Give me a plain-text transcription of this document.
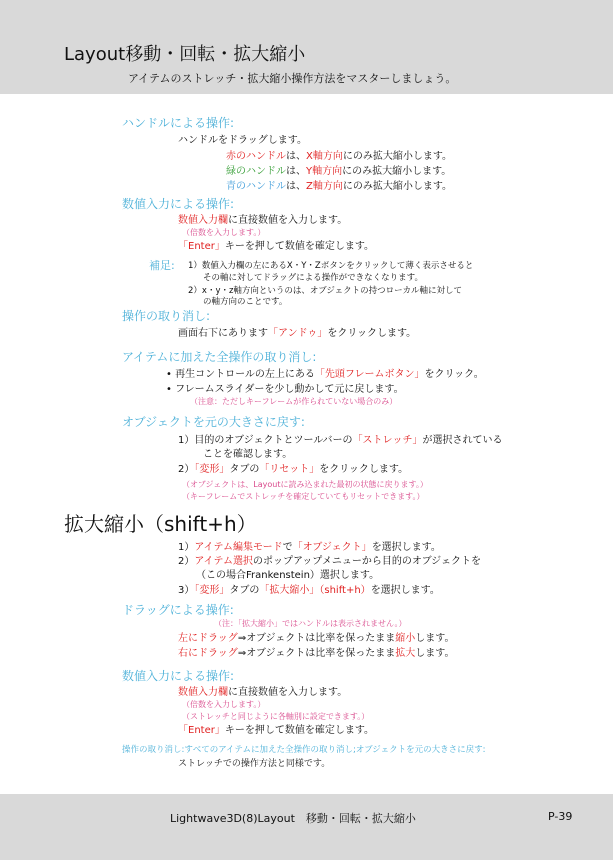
Layout移動・回転・拡大縮小
アイテムのストレッチ・拡大縮小操作方法をマスターしましょう。
ハンドルによる操作:
ハンドルをドラッグします。
赤のハンドルは、X軸方向にのみ拡大縮小します。
緑のハンドルは、Y軸方向にのみ拡大縮小します。
青のハンドルは、Z軸方向にのみ拡大縮小します。
数値入力による操作:
数値入力欄に直接数値を入力します。
（倍数を入力します。）
「Enter」キーを押して数値を確定します。
補足: 1）数値入力欄の左にあるX・Y・Zボタンをクリックして薄く表示させると
その軸に対してドラッグによる操作ができなくなります。
2）x・y・z軸方向というのは、オブジェクトの持つローカル軸に対して
の軸方向のことです。
操作の取り消し:
画面右下にあります「アンドゥ」をクリックします。
アイテムに加えた全操作の取り消し:
• 再生コントロールの左上にある「先頭フレームボタン」をクリック。
• フレームスライダーを少し動かして元に戻します。
（注意：ただしキーフレームが作られていない場合のみ）
オブジェクトを元の大きさに戻す:
1）目的のオブジェクトとツールバーの「ストレッチ」が選択されている
ことを確認します。
2）「変形」タブの「リセット」をクリックします。
（オブジェクトは、Layoutに読み込まれた最初の状態に戻ります。）
（キーフレームでストレッチを確定していてもリセットできます。）
拡大縮小（shift+h）
1）アイテム編集モードで「オブジェクト」を選択します。
2）アイテム選択のポップアップメニューから目的のオブジェクトを
（この場合Frankenstein）選択します。
3）「変形」タブの「拡大縮小」（shift+h）を選択します。
ドラッグによる操作:
（注：「拡大縮小」ではハンドルは表示されません。）
左にドラッグ⇒オブジェクトは比率を保ったまま縮小します。
右にドラッグ⇒オブジェクトは比率を保ったまま拡大します。
数値入力による操作:
数値入力欄に直接数値を入力します。
（倍数を入力します。）
（ストレッチと同じように各軸別に設定できます。）
「Enter」キーを押して数値を確定します。
操作の取り消し:すべてのアイテムに加えた全操作の取り消し;オブジェクトを元の大きさに戻す:
ストレッチでの操作方法と同様です。
Lightwave3D(8)Layout　移動・回転・拡大縮小	P-39
